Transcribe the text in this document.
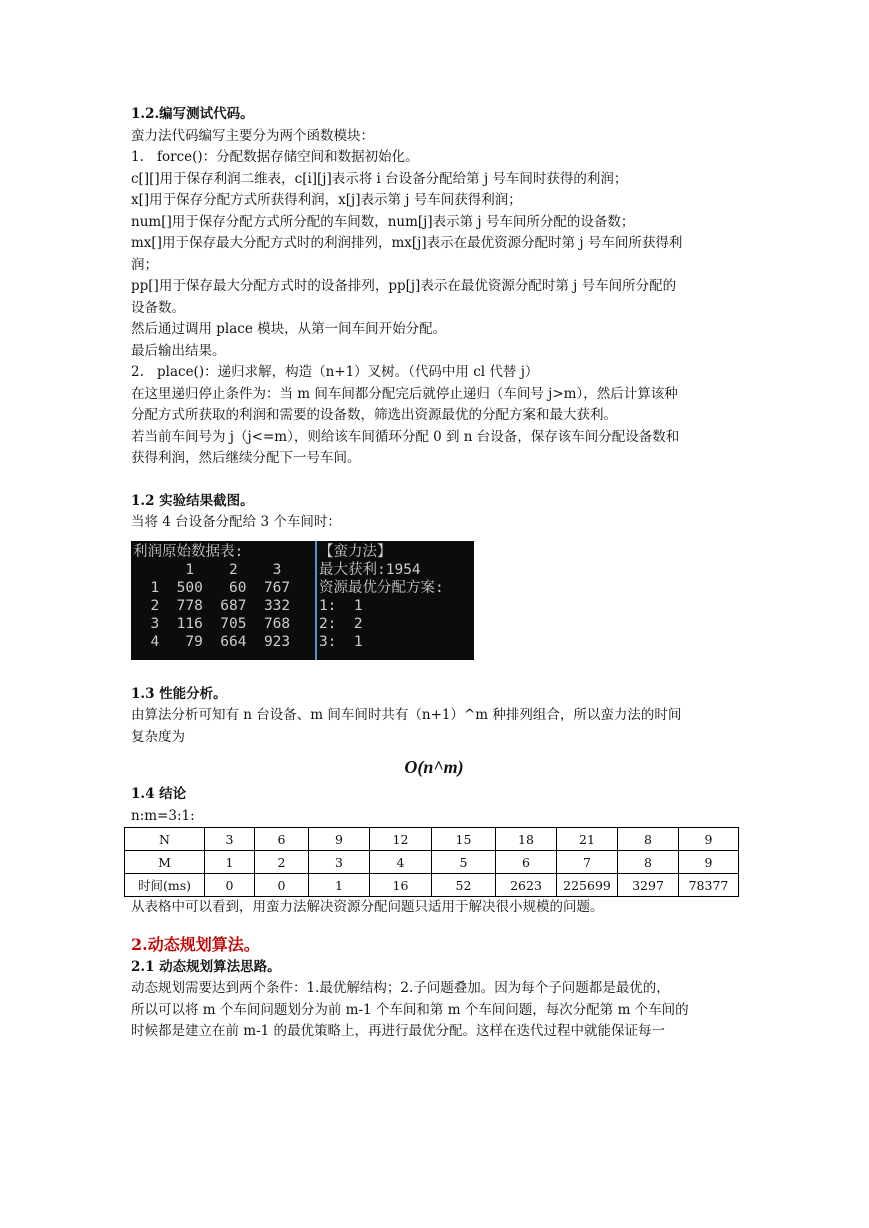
1.2.编写测试代码。

蛮力法代码编写主要分为两个函数模块：

1. force()：分配数据存储空间和数据初始化。

c[][]用于保存利润二维表，c[i][j]表示将 i 台设备分配给第 j 号车间时获得的利润；

x[]用于保存分配方式所获得利润，x[j]表示第 j 号车间获得利润；

num[]用于保存分配方式所分配的车间数，num[j]表示第 j 号车间所分配的设备数；

mx[]用于保存最大分配方式时的利润排列，mx[j]表示在最优资源分配时第 j 号车间所获得利

润；

pp[]用于保存最大分配方式时的设备排列，pp[j]表示在最优资源分配时第 j 号车间所分配的

设备数。

然后通过调用 place 模块，从第一间车间开始分配。

最后输出结果。

2. place()：递归求解，构造（n+1）叉树。（代码中用 cl 代替 j）

在这里递归停止条件为：当 m 间车间都分配完后就停止递归（车间号 j>m），然后计算该种

分配方式所获取的利润和需要的设备数，筛选出资源最优的分配方案和最大获利。

若当前车间号为 j（j<=m），则给该车间循环分配 0 到 n 台设备，保存该车间分配设备数和

获得利润，然后继续分配下一号车间。

1.2 实验结果截图。

当将 4 台设备分配给 3 个车间时：

利润原始数据表:
1    2    3
1  500   60  767
2  778  687  332
3  116  705  768
4   79  664  923
【蛮力法】
最大获利:1954
资源最优分配方案:
1:  1
2:  2
3:  1

1.3 性能分析。

由算法分析可知有 n 台设备、m 间车间时共有（n+1）^m 种排列组合，所以蛮力法的时间

复杂度为

O(n^m)

1.4 结论

n:m=3:1:

N	3	6	9	12	15	18	21	8	9
M	1	2	3	4	5	6	7	8	9
时间(ms)	0	0	1	16	52	2623	225699	3297	78377

从表格中可以看到，用蛮力法解决资源分配问题只适用于解决很小规模的问题。

2.动态规划算法。

2.1 动态规划算法思路。

动态规划需要达到两个条件：1.最优解结构；2.子问题叠加。因为每个子问题都是最优的，

所以可以将 m 个车间问题划分为前 m-1 个车间和第 m 个车间问题，每次分配第 m 个车间的

时候都是建立在前 m-1 的最优策略上，再进行最优分配。这样在迭代过程中就能保证每一
